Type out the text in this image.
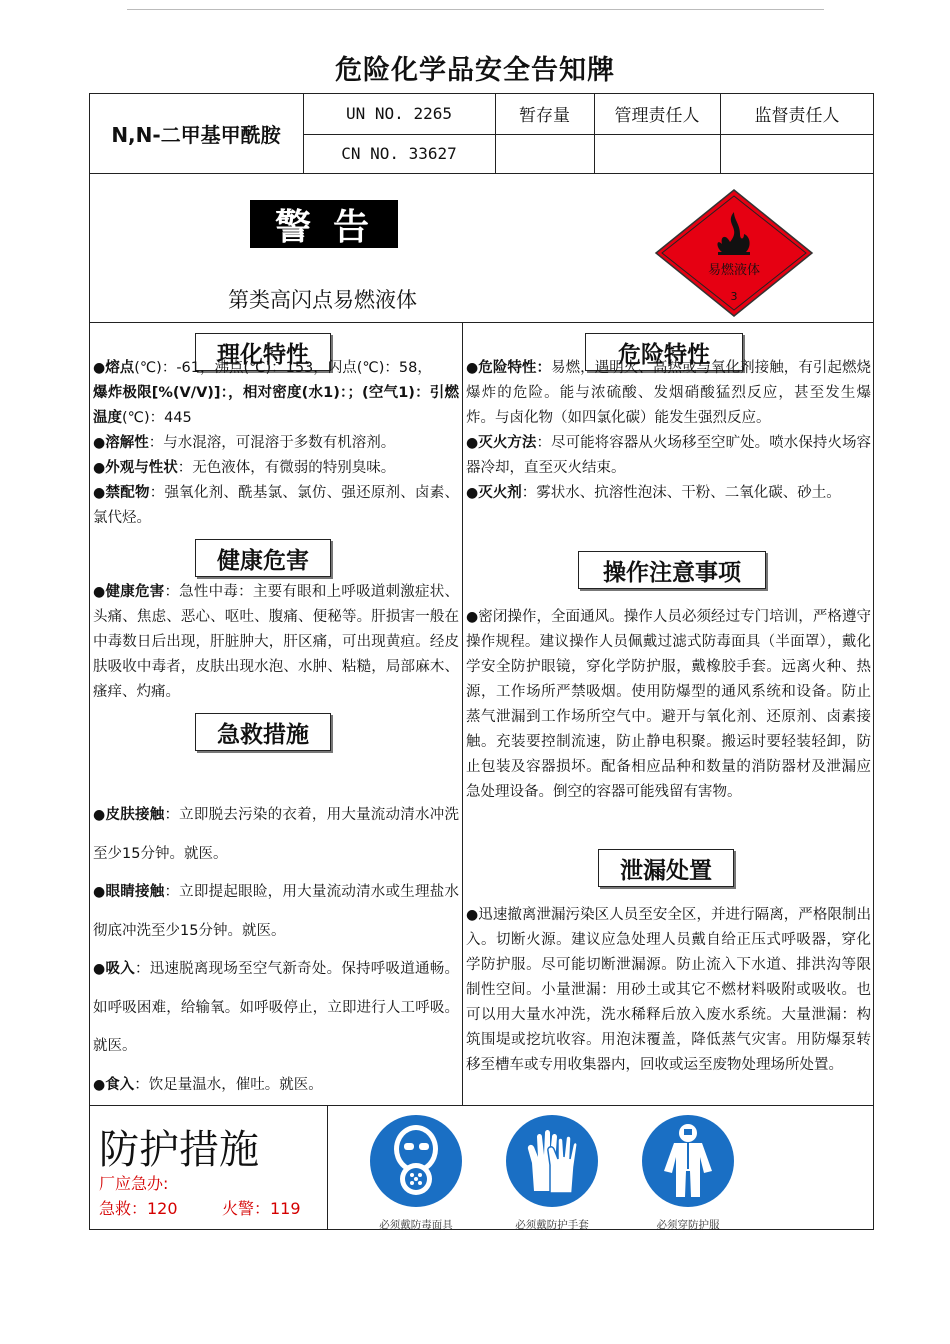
危险化学品安全告知牌
N,N-二甲基甲酰胺
UN NO. 2265
CN NO. 33627
暂存量	管理责任人	监督责任人
警告
第类高闪点易燃液体
易燃液体
3
理化特性

●熔点(℃)：-61，沸点(℃)：153，闪点(℃)：58，

爆炸极限[%(V/V)]：，相对密度(水1)：；(空气1)：引燃温度(℃)：445

●溶解性：与水混溶，可混溶于多数有机溶剂。

●外观与性状：无色液体，有微弱的特别臭味。

●禁配物：强氧化剂、酰基氯、氯仿、强还原剂、卤素、氯代烃。

健康危害

●健康危害：急性中毒：主要有眼和上呼吸道刺激症状、头痛、焦虑、恶心、呕吐、腹痛、便秘等。肝损害一般在中毒数日后出现，肝脏肿大，肝区痛，可出现黄疸。经皮肤吸收中毒者，皮肤出现水泡、水肿、粘糙，局部麻木、瘙痒、灼痛。

急救措施

●皮肤接触：立即脱去污染的衣着，用大量流动清水冲洗至少15分钟。就医。

●眼睛接触：立即提起眼睑，用大量流动清水或生理盐水彻底冲洗至少15分钟。就医。

●吸入：迅速脱离现场至空气新奇处。保持呼吸道通畅。如呼吸困难，给输氧。如呼吸停止，立即进行人工呼吸。就医。

●食入：饮足量温水，催吐。就医。

危险特性

●危险特性：易燃，遇明火、高热或与氧化剂接触，有引起燃烧爆炸的危险。能与浓硫酸、发烟硝酸猛烈反应，甚至发生爆炸。与卤化物（如四氯化碳）能发生强烈反应。

●灭火方法：尽可能将容器从火场移至空旷处。喷水保持火场容器冷却，直至灭火结束。

●灭火剂：雾状水、抗溶性泡沫、干粉、二氧化碳、砂土。

操作注意事项

●密闭操作，全面通风。操作人员必须经过专门培训，严格遵守操作规程。建议操作人员佩戴过滤式防毒面具（半面罩），戴化学安全防护眼镜，穿化学防护服，戴橡胶手套。远离火种、热源，工作场所严禁吸烟。使用防爆型的通风系统和设备。防止蒸气泄漏到工作场所空气中。避开与氧化剂、还原剂、卤素接触。充装要控制流速，防止静电积聚。搬运时要轻装轻卸，防止包装及容器损坏。配备相应品种和数量的消防器材及泄漏应急处理设备。倒空的容器可能残留有害物。

泄漏处置

●迅速撤离泄漏污染区人员至安全区，并进行隔离，严格限制出入。切断火源。建议应急处理人员戴自给正压式呼吸器，穿化学防护服。尽可能切断泄漏源。防止流入下水道、排洪沟等限制性空间。小量泄漏：用砂土或其它不燃材料吸附或吸收。也可以用大量水冲洗，洗水稀释后放入废水系统。大量泄漏：构筑围堤或挖坑收容。用泡沫覆盖，降低蒸气灾害。用防爆泵转移至槽车或专用收集器内，回收或运至废物处理场所处置。

防护措施
厂应急办:
急救：120	火警：119
必须戴防毒面具	必须戴防护手套	必须穿防护服
